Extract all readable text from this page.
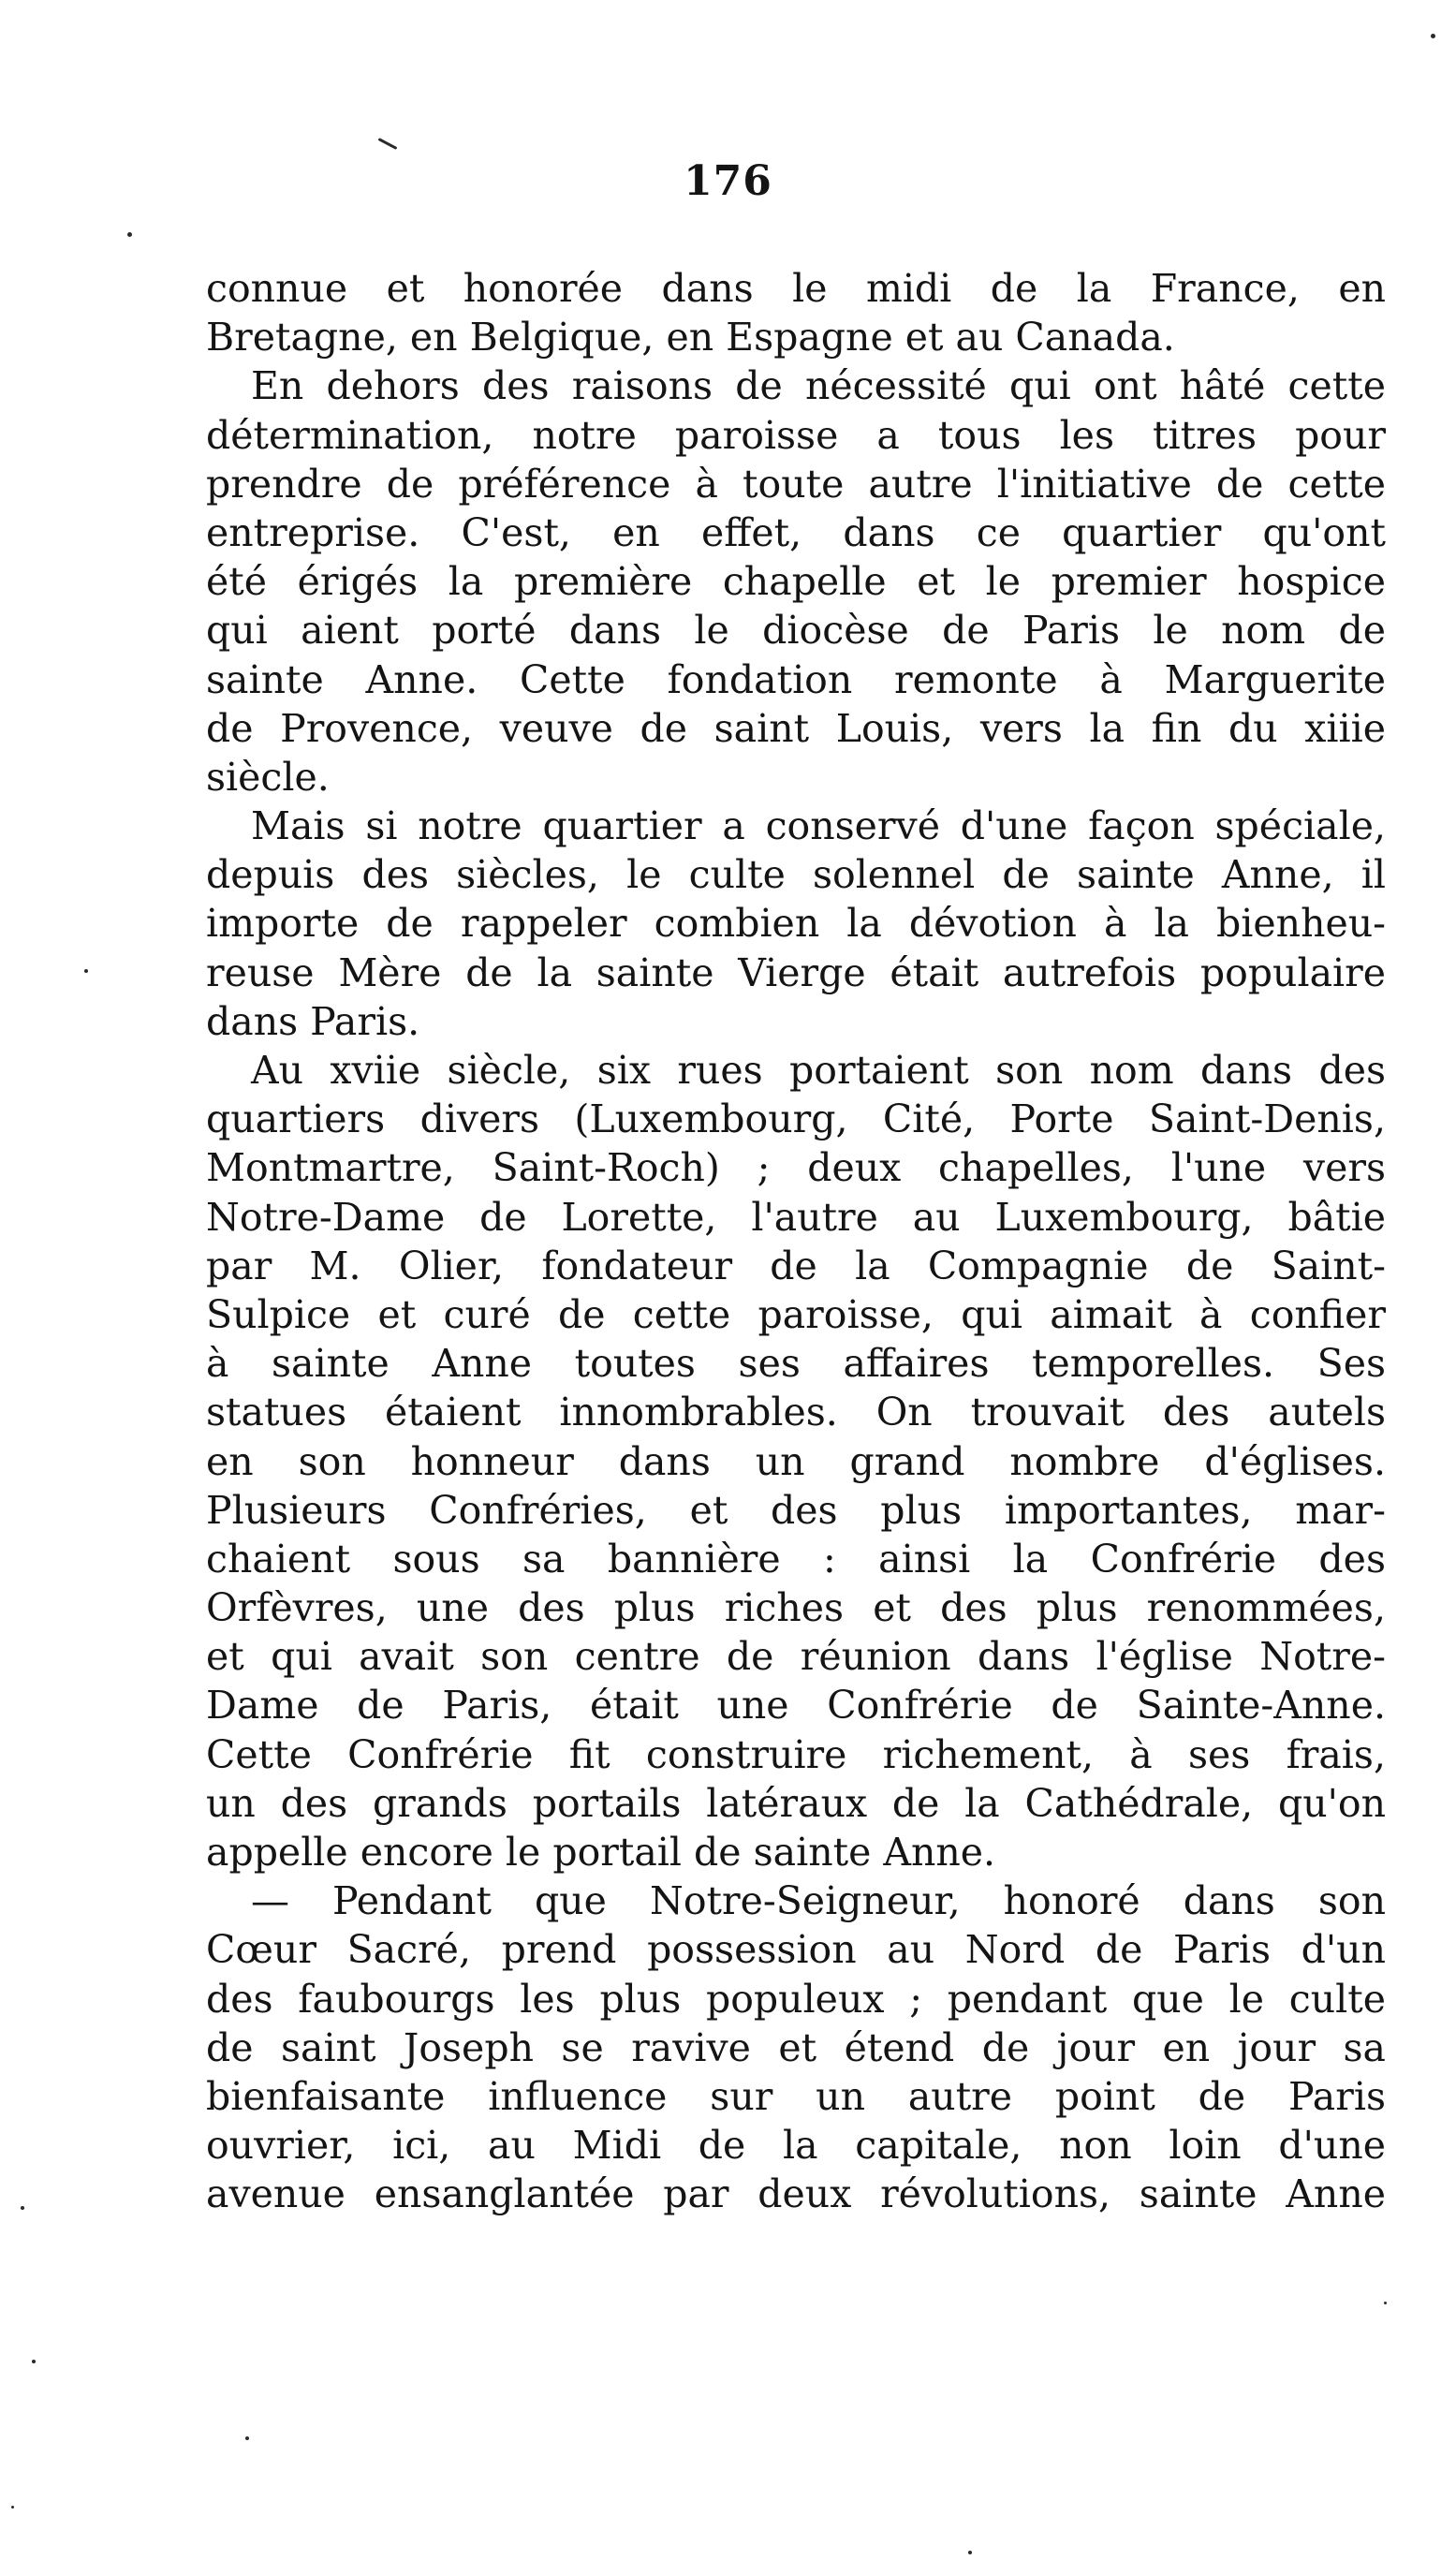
176
connue et honorée dans le midi de la France, en
Bretagne, en Belgique, en Espagne et au Canada.
En dehors des raisons de nécessité qui ont hâté cette
détermination, notre paroisse a tous les titres pour
prendre de préférence à toute autre l'initiative de cette
entreprise. C'est, en effet, dans ce quartier qu'ont
été érigés la première chapelle et le premier hospice
qui aient porté dans le diocèse de Paris le nom de
sainte Anne. Cette fondation remonte à Marguerite
de Provence, veuve de saint Louis, vers la fin du xiiie
siècle.
Mais si notre quartier a conservé d'une façon spéciale,
depuis des siècles, le culte solennel de sainte Anne, il
importe de rappeler combien la dévotion à la bienheu-
reuse Mère de la sainte Vierge était autrefois populaire
dans Paris.
Au xviie siècle, six rues portaient son nom dans des
quartiers divers (Luxembourg, Cité, Porte Saint-Denis,
Montmartre, Saint-Roch) ; deux chapelles, l'une vers
Notre-Dame de Lorette, l'autre au Luxembourg, bâtie
par M. Olier, fondateur de la Compagnie de Saint-
Sulpice et curé de cette paroisse, qui aimait à confier
à sainte Anne toutes ses affaires temporelles. Ses
statues étaient innombrables. On trouvait des autels
en son honneur dans un grand nombre d'églises.
Plusieurs Confréries, et des plus importantes, mar-
chaient sous sa bannière : ainsi la Confrérie des
Orfèvres, une des plus riches et des plus renommées,
et qui avait son centre de réunion dans l'église Notre-
Dame de Paris, était une Confrérie de Sainte-Anne.
Cette Confrérie fit construire richement, à ses frais,
un des grands portails latéraux de la Cathédrale, qu'on
appelle encore le portail de sainte Anne.
— Pendant que Notre-Seigneur, honoré dans son
Cœur Sacré, prend possession au Nord de Paris d'un
des faubourgs les plus populeux ; pendant que le culte
de saint Joseph se ravive et étend de jour en jour sa
bienfaisante influence sur un autre point de Paris
ouvrier, ici, au Midi de la capitale, non loin d'une
avenue ensanglantée par deux révolutions, sainte Anne
